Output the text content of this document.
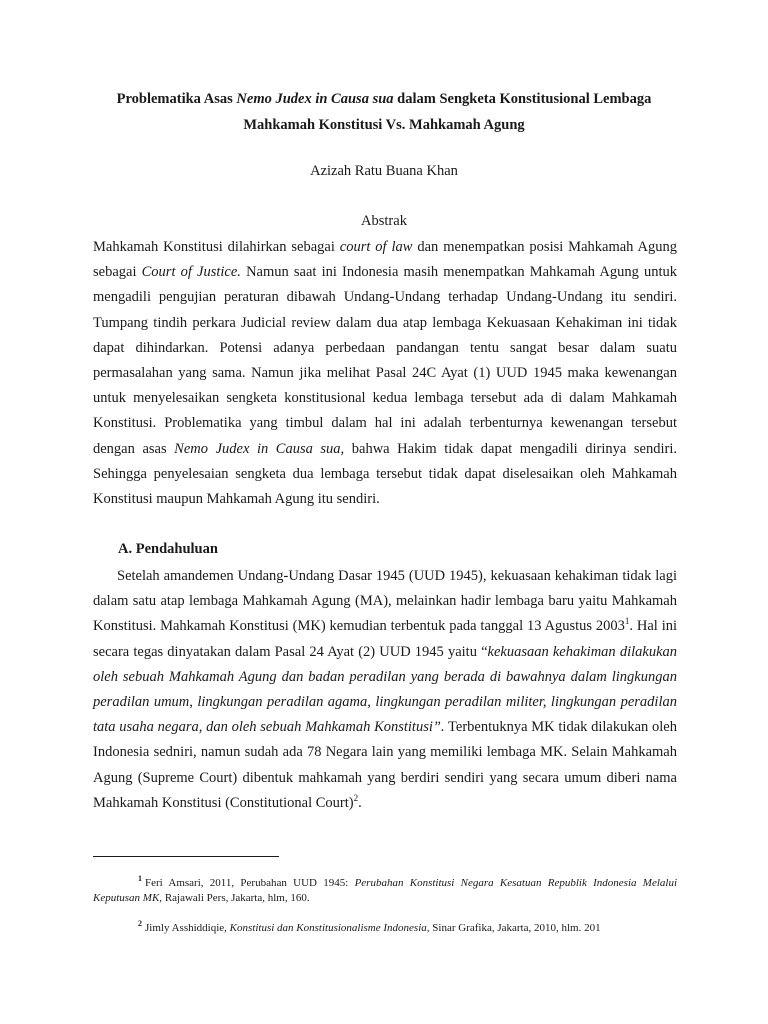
Problematika Asas Nemo Judex in Causa sua dalam Sengketa Konstitusional Lembaga
Mahkamah Konstitusi Vs. Mahkamah Agung
Azizah Ratu Buana Khan
Abstrak

Mahkamah Konstitusi dilahirkan sebagai court of law dan menempatkan posisi Mahkamah Agung sebagai Court of Justice. Namun saat ini Indonesia masih menempatkan Mahkamah Agung untuk mengadili pengujian peraturan dibawah Undang-Undang terhadap Undang-Undang itu sendiri. Tumpang tindih perkara Judicial review dalam dua atap lembaga Kekuasaan Kehakiman ini tidak dapat dihindarkan. Potensi adanya perbedaan pandangan tentu sangat besar dalam suatu permasalahan yang sama. Namun jika melihat Pasal 24C Ayat (1) UUD 1945 maka kewenangan untuk menyelesaikan sengketa konstitusional kedua lembaga tersebut ada di dalam Mahkamah Konstitusi. Problematika yang timbul dalam hal ini adalah terbenturnya kewenangan tersebut dengan asas Nemo Judex in Causa sua, bahwa Hakim tidak dapat mengadili dirinya sendiri. Sehingga penyelesaian sengketa dua lembaga tersebut tidak dapat diselesaikan oleh Mahkamah Konstitusi maupun Mahkamah Agung itu sendiri.

A. Pendahuluan

Setelah amandemen Undang-Undang Dasar 1945 (UUD 1945), kekuasaan kehakiman tidak lagi dalam satu atap lembaga Mahkamah Agung (MA), melainkan hadir lembaga baru yaitu Mahkamah Konstitusi. Mahkamah Konstitusi (MK) kemudian terbentuk pada tanggal 13 Agustus 2003$^1$. Hal ini secara tegas dinyatakan dalam Pasal 24 Ayat (2) UUD 1945 yaitu “kekuasaan kehakiman dilakukan oleh sebuah Mahkamah Agung dan badan peradilan yang berada di bawahnya dalam lingkungan peradilan umum, lingkungan peradilan agama, lingkungan peradilan militer, lingkungan peradilan tata usaha negara, dan oleh sebuah Mahkamah Konstitusi”. Terbentuknya MK tidak dilakukan oleh Indonesia sedniri, namun sudah ada 78 Negara lain yang memiliki lembaga MK. Selain Mahkamah Agung (Supreme Court) dibentuk mahkamah yang berdiri sendiri yang secara umum diberi nama Mahkamah Konstitusi (Constitutional Court)$^2$.

$^1$ Feri Amsari, 2011, Perubahan UUD 1945: Perubahan Konstitusi Negara Kesatuan Republik Indonesia Melalui Keputusan MK, Rajawali Pers, Jakarta, hlm, 160.

$^2$ Jimly Asshiddiqie, Konstitusi dan Konstitusionalisme Indonesia, Sinar Grafika, Jakarta, 2010, hlm. 201
